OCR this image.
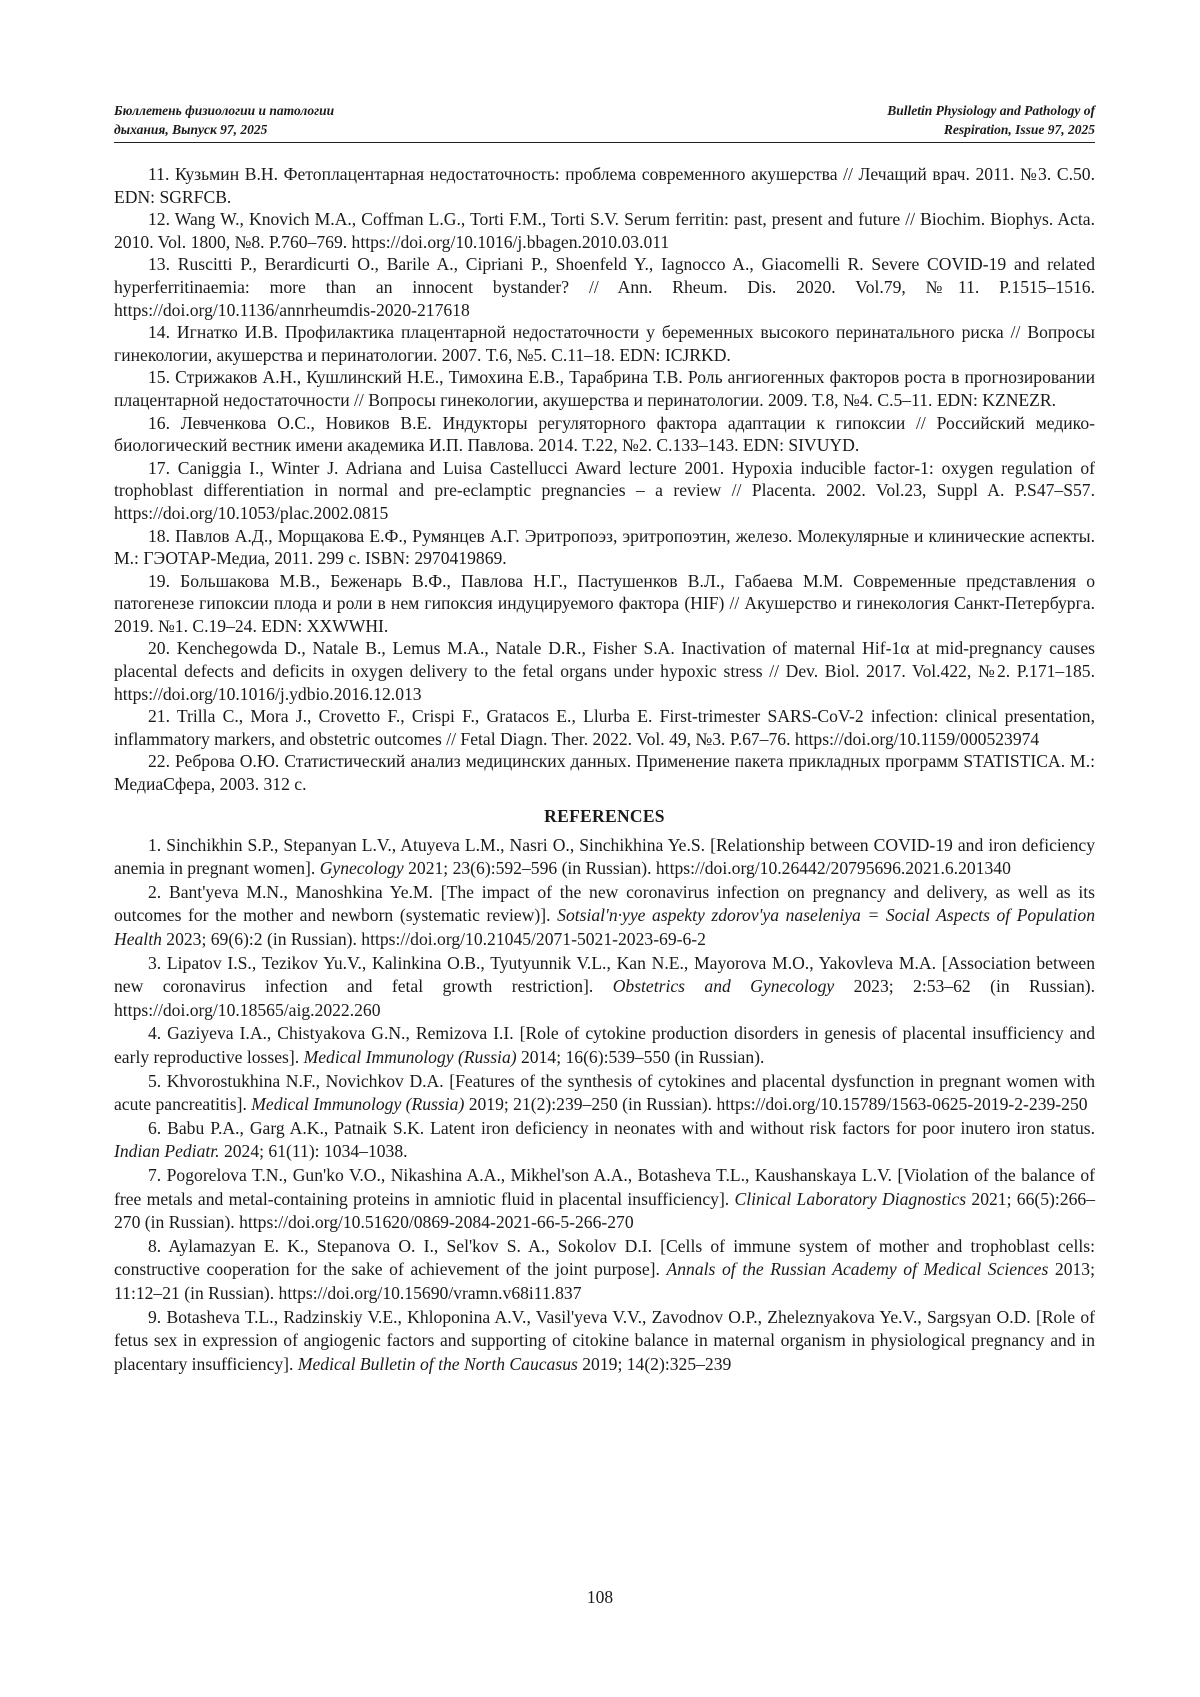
Бюллетень физиологии и патологии
дыхания, Выпуск 97, 2025
Bulletin Physiology and Pathology of
Respiration, Issue 97, 2025

11. Кузьмин В.Н. Фетоплацентарная недостаточность: проблема современного акушерства // Лечащий врач. 2011. №3. С.50. EDN: SGRFCB.

12. Wang W., Knovich M.A., Coffman L.G., Torti F.M., Torti S.V. Serum ferritin: past, present and future // Biochim. Biophys. Acta. 2010. Vol. 1800, №8. P.760–769. https://doi.org/10.1016/j.bbagen.2010.03.011

13. Ruscitti P., Berardicurti O., Barile A., Cipriani P., Shoenfeld Y., Iagnocco A., Giacomelli R. Severe COVID-19 and related hyperferritinaemia: more than an innocent bystander? // Ann. Rheum. Dis. 2020. Vol.79, №11. P.1515–1516. https://doi.org/10.1136/annrheumdis-2020-217618

14. Игнатко И.В. Профилактика плацентарной недостаточности у беременных высокого перинатального риска // Вопросы гинекологии, акушерства и перинатологии. 2007. Т.6, №5. С.11–18. EDN: ICJRKD.

15. Стрижаков А.Н., Кушлинский Н.Е., Тимохина Е.В., Тарабрина Т.В. Роль ангиогенных факторов роста в прогнозировании плацентарной недостаточности // Вопросы гинекологии, акушерства и перинатологии. 2009. Т.8, №4. С.5–11. EDN: KZNEZR.

16. Левченкова О.С., Новиков В.Е. Индукторы регуляторного фактора адаптации к гипоксии // Российский медико-биологический вестник имени академика И.П. Павлова. 2014. Т.22, №2. С.133–143. EDN: SIVUYD.

17. Caniggia I., Winter J. Adriana and Luisa Castellucci Award lecture 2001. Hypoxia inducible factor-1: oxygen regulation of trophoblast differentiation in normal and pre-eclamptic pregnancies – a review // Placenta. 2002. Vol.23, Suppl A. P.S47–S57. https://doi.org/10.1053/plac.2002.0815

18. Павлов А.Д., Морщакова Е.Ф., Румянцев А.Г. Эритропоэз, эритропоэтин, железо. Молекулярные и клинические аспекты. М.: ГЭОТАР-Медиа, 2011. 299 с. ISBN: 2970419869.

19. Большакова М.В., Беженарь В.Ф., Павлова Н.Г., Пастушенков В.Л., Габаева М.М. Современные представления о патогенезе гипоксии плода и роли в нем гипоксия индуцируемого фактора (HIF) // Акушерство и гинекология Санкт-Петербурга. 2019. №1. С.19–24. EDN: XXWWHI.

20. Kenchegowda D., Natale B., Lemus M.A., Natale D.R., Fisher S.A. Inactivation of maternal Hif-1α at mid-pregnancy causes placental defects and deficits in oxygen delivery to the fetal organs under hypoxic stress // Dev. Biol. 2017. Vol.422, №2. P.171–185. https://doi.org/10.1016/j.ydbio.2016.12.013

21. Trilla C., Mora J., Crovetto F., Crispi F., Gratacos E., Llurba E. First-trimester SARS-CoV-2 infection: clinical presentation, inflammatory markers, and obstetric outcomes // Fetal Diagn. Ther. 2022. Vol. 49, №3. P.67–76. https://doi.org/10.1159/000523974

22. Реброва О.Ю. Статистический анализ медицинских данных. Применение пакета прикладных программ STATISTICA. М.: МедиаСфера, 2003. 312 с.

REFERENCES

1. Sinchikhin S.P., Stepanyan L.V., Atuyeva L.M., Nasri O., Sinchikhina Ye.S. [Relationship between COVID-19 and iron deficiency anemia in pregnant women]. Gynecology 2021; 23(6):592–596 (in Russian). https://doi.org/10.26442/20795696.2021.6.201340

2. Bant'yeva M.N., Manoshkina Ye.M. [The impact of the new coronavirus infection on pregnancy and delivery, as well as its outcomes for the mother and newborn (systematic review)]. Sotsial'n·yye aspekty zdorov'ya naseleniya = Social Aspects of Population Health 2023; 69(6):2 (in Russian). https://doi.org/10.21045/2071-5021-2023-69-6-2

3. Lipatov I.S., Tezikov Yu.V., Kalinkina O.B., Tyutyunnik V.L., Kan N.E., Mayorova M.O., Yakovleva M.A. [Association between new coronavirus infection and fetal growth restriction]. Obstetrics and Gynecology 2023; 2:53–62 (in Russian). https://doi.org/10.18565/aig.2022.260

4. Gaziyeva I.A., Chistyakova G.N., Remizova I.I. [Role of cytokine production disorders in genesis of placental insufficiency and early reproductive losses]. Medical Immunology (Russia) 2014; 16(6):539–550 (in Russian).

5. Khvorostukhina N.F., Novichkov D.A. [Features of the synthesis of cytokines and placental dysfunction in pregnant women with acute pancreatitis]. Medical Immunology (Russia) 2019; 21(2):239–250 (in Russian). https://doi.org/10.15789/1563-0625-2019-2-239-250

6. Babu P.A., Garg A.K., Patnaik S.K. Latent iron deficiency in neonates with and without risk factors for poor inutero iron status. Indian Pediatr. 2024; 61(11): 1034–1038.

7. Pogorelova T.N., Gun'ko V.O., Nikashina A.A., Mikhel'son A.A., Botasheva T.L., Kaushanskaya L.V. [Violation of the balance of free metals and metal-containing proteins in amniotic fluid in placental insufficiency]. Clinical Laboratory Diagnostics 2021; 66(5):266–270 (in Russian). https://doi.org/10.51620/0869-2084-2021-66-5-266-270

8. Aylamazyan E. K., Stepanova O. I., Sel'kov S. A., Sokolov D.I. [Cells of immune system of mother and trophoblast cells: constructive cooperation for the sake of achievement of the joint purpose]. Annals of the Russian Academy of Medical Sciences 2013; 11:12–21 (in Russian). https://doi.org/10.15690/vramn.v68i11.837

9. Botasheva T.L., Radzinskiy V.E., Khloponina A.V., Vasil'yeva V.V., Zavodnov O.P., Zheleznyakova Ye.V., Sargsyan O.D. [Role of fetus sex in expression of angiogenic factors and supporting of citokine balance in maternal organism in physiological pregnancy and in placentary insufficiency]. Medical Bulletin of the North Caucasus 2019; 14(2):325–239

108
